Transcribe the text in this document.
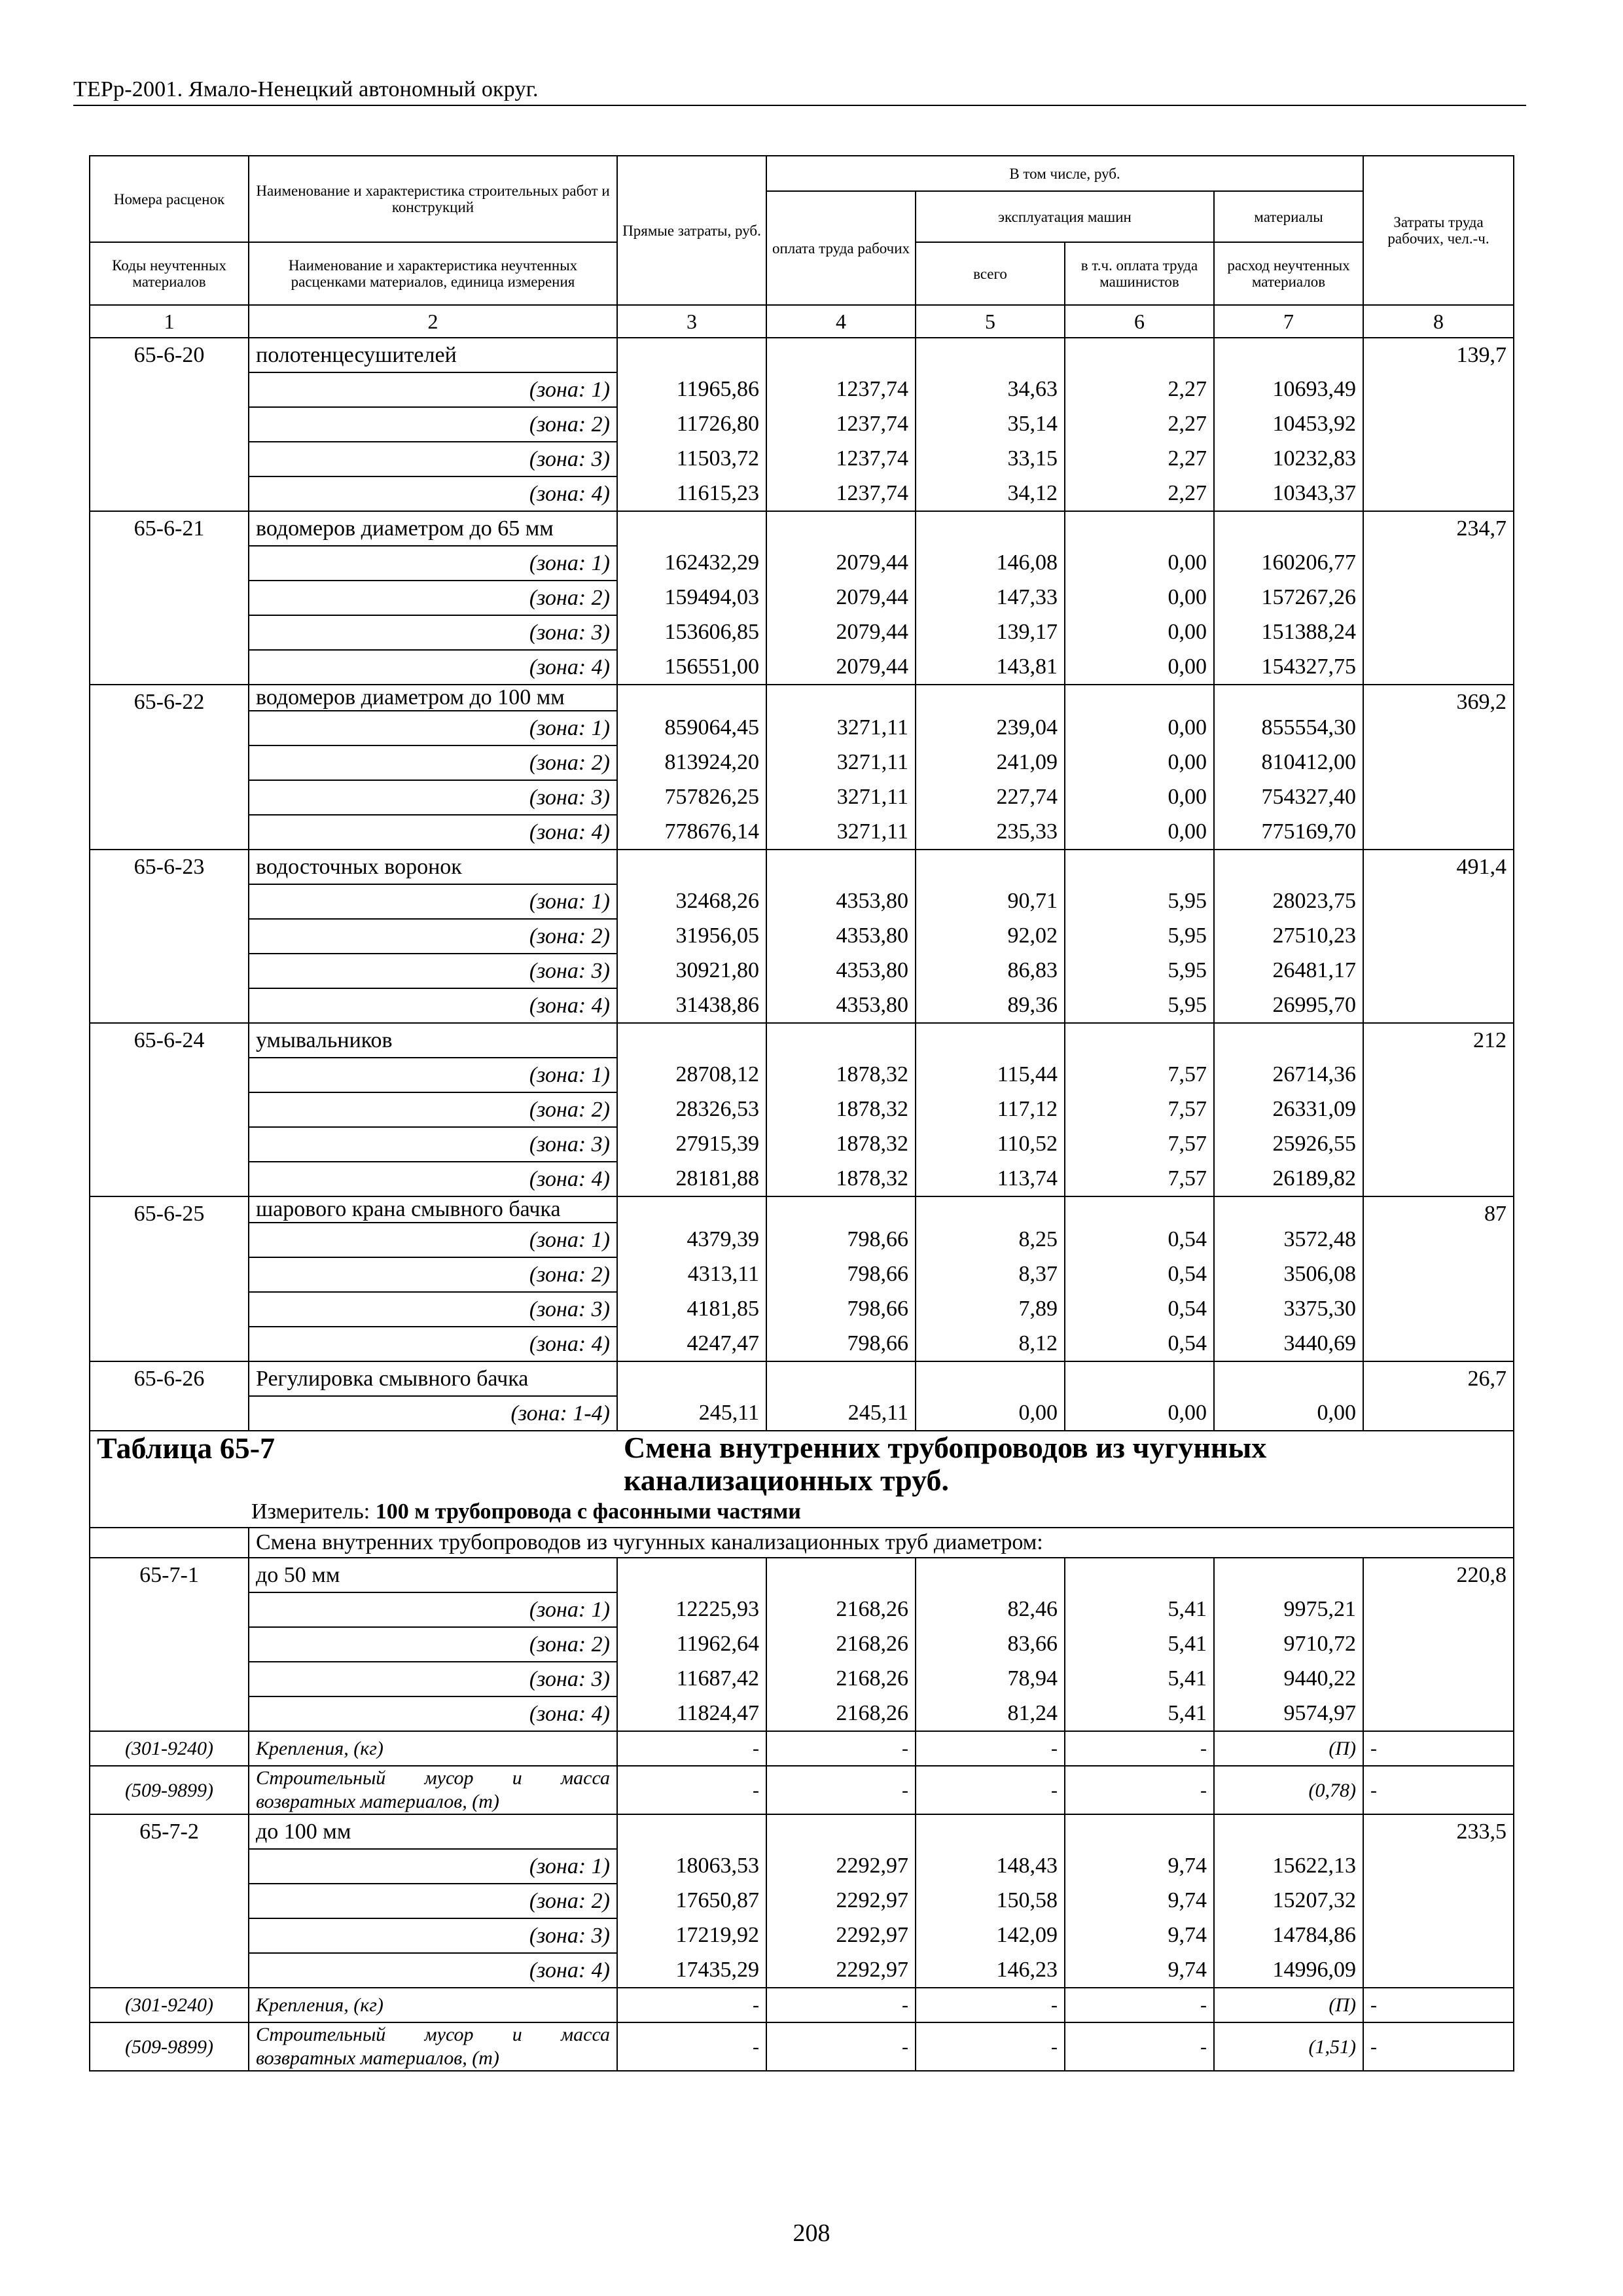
ТЕРр-2001. Ямало-Ненецкий автономный округ.
Номера расценок	Наименование и характеристика строительных работ и конструкций	Прямые затраты, руб.	В том числе, руб.				Затраты труда рабочих, чел.-ч.
			оплата труда рабочих	эксплуатация машин		материалы	
Коды неучтенных материалов	Наименование и характеристика неучтенных расценками материалов, единица измерения			всего	в т.ч. оплата труда машинистов	расход неучтенных материалов	
1	2	3	4	5	6	7	8
65-6-20	полотенцесушителей						139,7
	(зона: 1)	11965,86	1237,74	34,63	2,27	10693,49	
	(зона: 2)	11726,80	1237,74	35,14	2,27	10453,92	
	(зона: 3)	11503,72	1237,74	33,15	2,27	10232,83	
	(зона: 4)	11615,23	1237,74	34,12	2,27	10343,37	
65-6-21	водомеров диаметром до 65 мм						234,7
	(зона: 1)	162432,29	2079,44	146,08	0,00	160206,77	
	(зона: 2)	159494,03	2079,44	147,33	0,00	157267,26	
	(зона: 3)	153606,85	2079,44	139,17	0,00	151388,24	
	(зона: 4)	156551,00	2079,44	143,81	0,00	154327,75	
65-6-22	водомеров диаметром до 100 мм						369,2
	(зона: 1)	859064,45	3271,11	239,04	0,00	855554,30	
	(зона: 2)	813924,20	3271,11	241,09	0,00	810412,00	
	(зона: 3)	757826,25	3271,11	227,74	0,00	754327,40	
	(зона: 4)	778676,14	3271,11	235,33	0,00	775169,70	
65-6-23	водосточных воронок						491,4
	(зона: 1)	32468,26	4353,80	90,71	5,95	28023,75	
	(зона: 2)	31956,05	4353,80	92,02	5,95	27510,23	
	(зона: 3)	30921,80	4353,80	86,83	5,95	26481,17	
	(зона: 4)	31438,86	4353,80	89,36	5,95	26995,70	
65-6-24	умывальников						212
	(зона: 1)	28708,12	1878,32	115,44	7,57	26714,36	
	(зона: 2)	28326,53	1878,32	117,12	7,57	26331,09	
	(зона: 3)	27915,39	1878,32	110,52	7,57	25926,55	
	(зона: 4)	28181,88	1878,32	113,74	7,57	26189,82	
65-6-25	шарового крана смывного бачка						87
	(зона: 1)	4379,39	798,66	8,25	0,54	3572,48	
	(зона: 2)	4313,11	798,66	8,37	0,54	3506,08	
	(зона: 3)	4181,85	798,66	7,89	0,54	3375,30	
	(зона: 4)	4247,47	798,66	8,12	0,54	3440,69	
65-6-26	Регулировка смывного бачка						26,7
	(зона: 1-4)	245,11	245,11	0,00	0,00	0,00	
Таблица 65-7		Смена внутренних трубопроводов из чугунных канализационных труб.					

Измеритель: 100 м трубопровода с фасонными частями							
	Смена внутренних трубопроводов из чугунных канализационных труб диаметром:						
65-7-1	до 50 мм						220,8
	(зона: 1)	12225,93	2168,26	82,46	5,41	9975,21	
	(зона: 2)	11962,64	2168,26	83,66	5,41	9710,72	
	(зона: 3)	11687,42	2168,26	78,94	5,41	9440,22	
	(зона: 4)	11824,47	2168,26	81,24	5,41	9574,97	
(301-9240)	Крепления, (кг)	-	-	-	-	(П)	-
(509-9899)	Строительный мусор и масса возвратных материалов, (т)	-	-	-	-	(0,78)	-
65-7-2	до 100 мм						233,5
	(зона: 1)	18063,53	2292,97	148,43	9,74	15622,13	
	(зона: 2)	17650,87	2292,97	150,58	9,74	15207,32	
	(зона: 3)	17219,92	2292,97	142,09	9,74	14784,86	
	(зона: 4)	17435,29	2292,97	146,23	9,74	14996,09	
(301-9240)	Крепления, (кг)	-	-	-	-	(П)	-
(509-9899)	Строительный мусор и масса возвратных материалов, (т)	-	-	-	-	(1,51)	-
208
